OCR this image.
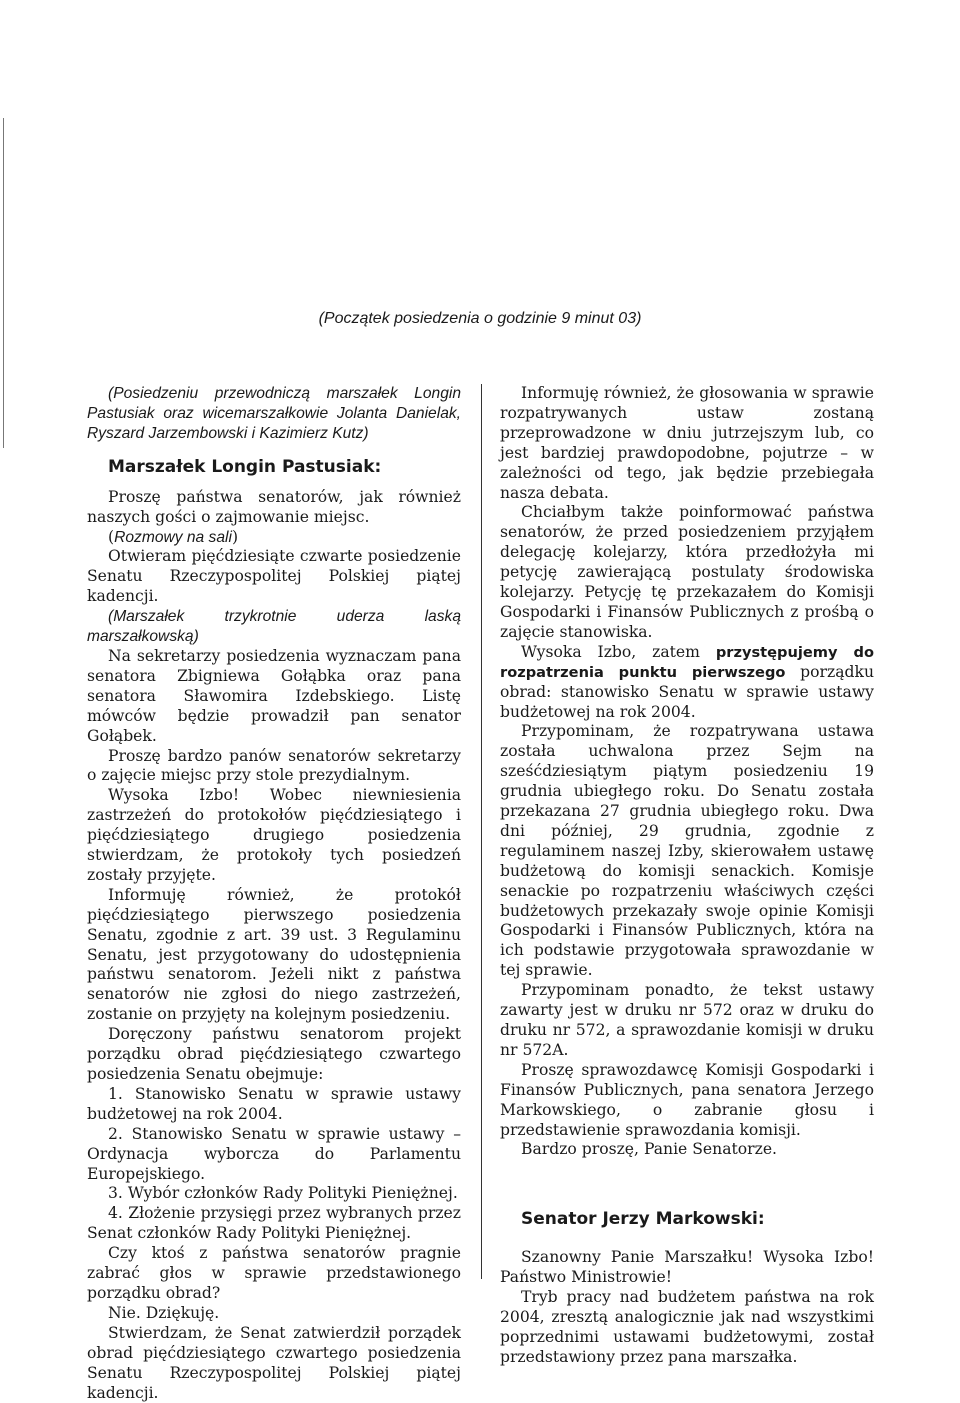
(Początek posiedzenia o godzinie 9 minut 03)

(Posiedzeniu przewodniczą marszałek Longin Pastusiak oraz wicemarszałkowie Jolanta Danielak, Ryszard Jarzembowski i Kazimierz Kutz)

Marszałek Longin Pastusiak:

Proszę państwa senatorów, jak również naszych gości o zajmowanie miejsc.

(Rozmowy na sali)

Otwieram pięćdziesiąte czwarte posiedzenie Senatu Rzeczypospolitej Polskiej piątej kadencji.

(Marszałek trzykrotnie uderza laską marszałkowską)

Na sekretarzy posiedzenia wyznaczam pana senatora Zbigniewa Gołąbka oraz pana senatora Sławomira Izdebskiego. Listę mówców będzie prowadził pan senator Gołąbek.

Proszę bardzo panów senatorów sekretarzy o zajęcie miejsc przy stole prezydialnym.

Wysoka Izbo! Wobec niewniesienia zastrzeżeń do protokołów pięćdziesiątego i pięćdziesiątego drugiego posiedzenia stwierdzam, że protokoły tych posiedzeń zostały przyjęte.

Informuję również, że protokół pięćdziesiątego pierwszego posiedzenia Senatu, zgodnie z art. 39 ust. 3 Regulaminu Senatu, jest przygotowany do udostępnienia państwu senatorom. Jeżeli nikt z państwa senatorów nie zgłosi do niego zastrzeżeń, zostanie on przyjęty na kolejnym posiedzeniu.

Doręczony państwu senatorom projekt porządku obrad pięćdziesiątego czwartego posiedzenia Senatu obejmuje:

1. Stanowisko Senatu w sprawie ustawy budżetowej na rok 2004.

2. Stanowisko Senatu w sprawie ustawy – Ordynacja wyborcza do Parlamentu Europejskiego.

3. Wybór członków Rady Polityki Pieniężnej.

4. Złożenie przysięgi przez wybranych przez Senat członków Rady Polityki Pieniężnej.

Czy ktoś z państwa senatorów pragnie zabrać głos w sprawie przedstawionego porządku obrad?

Nie. Dziękuję.

Stwierdzam, że Senat zatwierdził porządek obrad pięćdziesiątego czwartego posiedzenia Senatu Rzeczypospolitej Polskiej piątej kadencji.

Informuję również, że głosowania w sprawie rozpatrywanych ustaw zostaną przeprowadzone w dniu jutrzejszym lub, co jest bardziej prawdopodobne, pojutrze – w zależności od tego, jak będzie przebiegała nasza debata.

Chciałbym także poinformować państwa senatorów, że przed posiedzeniem przyjąłem delegację kolejarzy, która przedłożyła mi petycję zawierającą postulaty środowiska kolejarzy. Petycję tę przekazałem do Komisji Gospodarki i Finansów Publicznych z prośbą o zajęcie stanowiska.

Wysoka Izbo, zatem przystępujemy do rozpatrzenia punktu pierwszego porządku obrad: stanowisko Senatu w sprawie ustawy budżetowej na rok 2004.

Przypominam, że rozpatrywana ustawa została uchwalona przez Sejm na sześćdziesiątym piątym posiedzeniu 19 grudnia ubiegłego roku. Do Senatu została przekazana 27 grudnia ubiegłego roku. Dwa dni później, 29 grudnia, zgodnie z regulaminem naszej Izby, skierowałem ustawę budżetową do komisji senackich. Komisje senackie po rozpatrzeniu właściwych części budżetowych przekazały swoje opinie Komisji Gospodarki i Finansów Publicznych, która na ich podstawie przygotowała sprawozdanie w tej sprawie.

Przypominam ponadto, że tekst ustawy zawarty jest w druku nr 572 oraz w druku do druku nr 572, a sprawozdanie komisji w druku nr 572A.

Proszę sprawozdawcę Komisji Gospodarki i Finansów Publicznych, pana senatora Jerzego Markowskiego, o zabranie głosu i przedstawienie sprawozdania komisji.

Bardzo proszę, Panie Senatorze.

Senator Jerzy Markowski:

Szanowny Panie Marszałku! Wysoka Izbo! Państwo Ministrowie!

Tryb pracy nad budżetem państwa na rok 2004, zresztą analogicznie jak nad wszystkimi poprzednimi ustawami budżetowymi, został przedstawiony przez pana marszałka.
